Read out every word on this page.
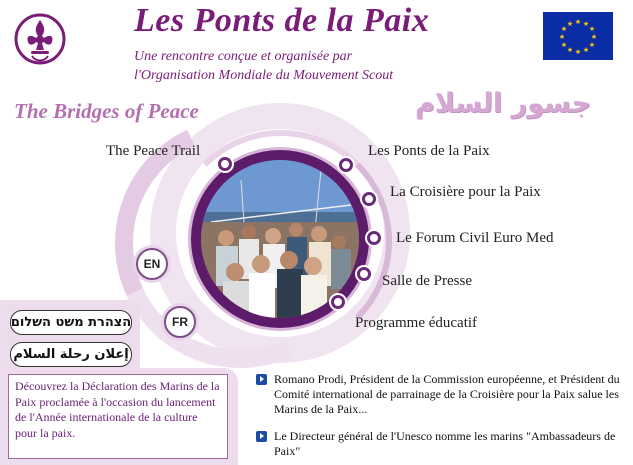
Les Ponts de la Paix
Une rencontre conçue et organisée par
l'Organisation Mondiale du Mouvement Scout
★ ★
★
★
★
★
★
★
★
★
★
★
The Bridges of Peace	جسور السلام
The Peace Trail	Les Ponts de la Paix
La Croisière pour la Paix
Le Forum Civil Euro Med
Salle de Presse
Programme éducatif
EN
FR
הצהרת משט השלום
إعلان رحلة السلام
Découvrez la Déclaration des Marins de la Paix proclamée à l'occasion du lancement de l'Année internationale de la culture pour la paix.
Romano Prodi, Président de la Commission européenne, et Président du Comité international de parrainage de la Croisière pour la Paix salue les Marins de la Paix...
Le Directeur général de l'Unesco nomme les marins "Ambassadeurs de Paix"
